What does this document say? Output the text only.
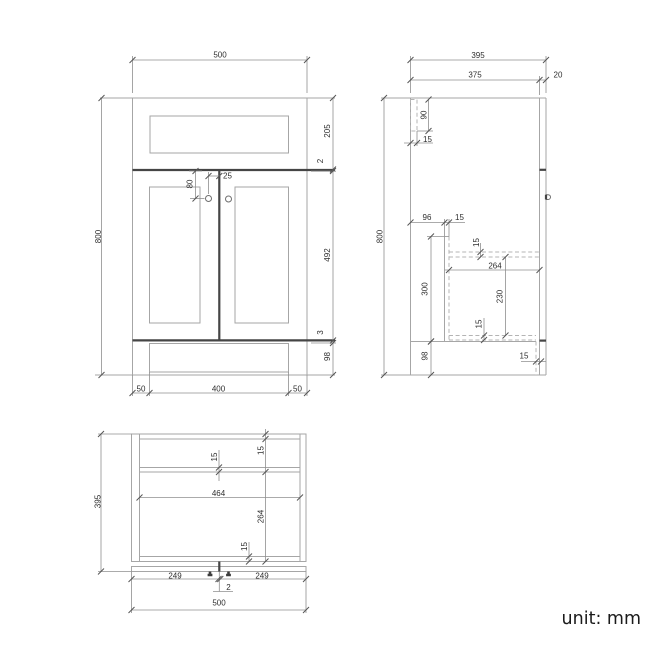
500
800
205
2
492
3
98
80
25
50	400	50
395
375	20
90
15
800
96	15
300
15
264
230
15
98	15
395
15
15
464
264
15
249	249
2
500
unit: mm
